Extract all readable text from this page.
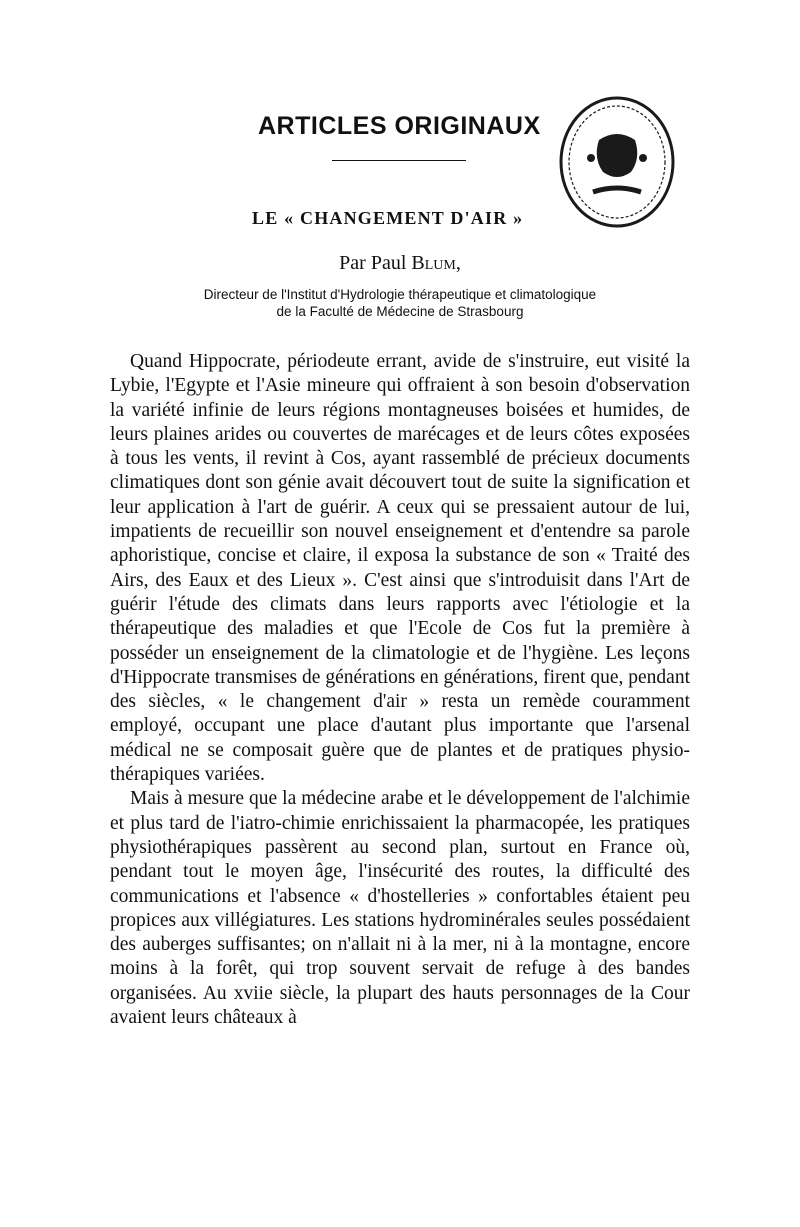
ARTICLES ORIGINAUX
LE « CHANGEMENT D'AIR »
Par Paul Blum,
Directeur de l'Institut d'Hydrologie thérapeutique et climatologique
de la Faculté de Médecine de Strasbourg

Quand Hippocrate, périodeute errant, avide de s'instruire, eut visité la Lybie, l'Egypte et l'Asie mineure qui offraient à son besoin d'observation la variété infinie de leurs régions montagneuses boisées et humides, de leurs plaines arides ou couvertes de marécages et de leurs côtes exposées à tous les vents, il revint à Cos, ayant rassemblé de précieux documents climatiques dont son génie avait découvert tout de suite la signification et leur application à l'art de guérir. A ceux qui se pressaient autour de lui, impatients de recueillir son nouvel enseignement et d'entendre sa parole aphoristique, concise et claire, il exposa la substance de son « Traité des Airs, des Eaux et des Lieux ». C'est ainsi que s'introduisit dans l'Art de guérir l'étude des climats dans leurs rapports avec l'étiologie et la thérapeutique des maladies et que l'Ecole de Cos fut la première à posséder un enseignement de la climatologie et de l'hygiène. Les leçons d'Hippocrate transmises de générations en générations, firent que, pendant des siècles, « le changement d'air » resta un remède couramment employé, occupant une place d'autant plus importante que l'arsenal médical ne se composait guère que de plantes et de pratiques physiothérapiques variées.

Mais à mesure que la médecine arabe et le développement de l'alchimie et plus tard de l'iatro-chimie enrichissaient la pharmacopée, les pratiques physiothérapiques passèrent au second plan, surtout en France où, pendant tout le moyen âge, l'insécurité des routes, la difficulté des communications et l'absence « d'hostelleries » confortables étaient peu propices aux villégiatures. Les stations hydrominérales seules possédaient des auberges suffisantes; on n'allait ni à la mer, ni à la montagne, encore moins à la forêt, qui trop souvent servait de refuge à des bandes organisées. Au xviie siècle, la plupart des hauts personnages de la Cour avaient leurs châteaux à
